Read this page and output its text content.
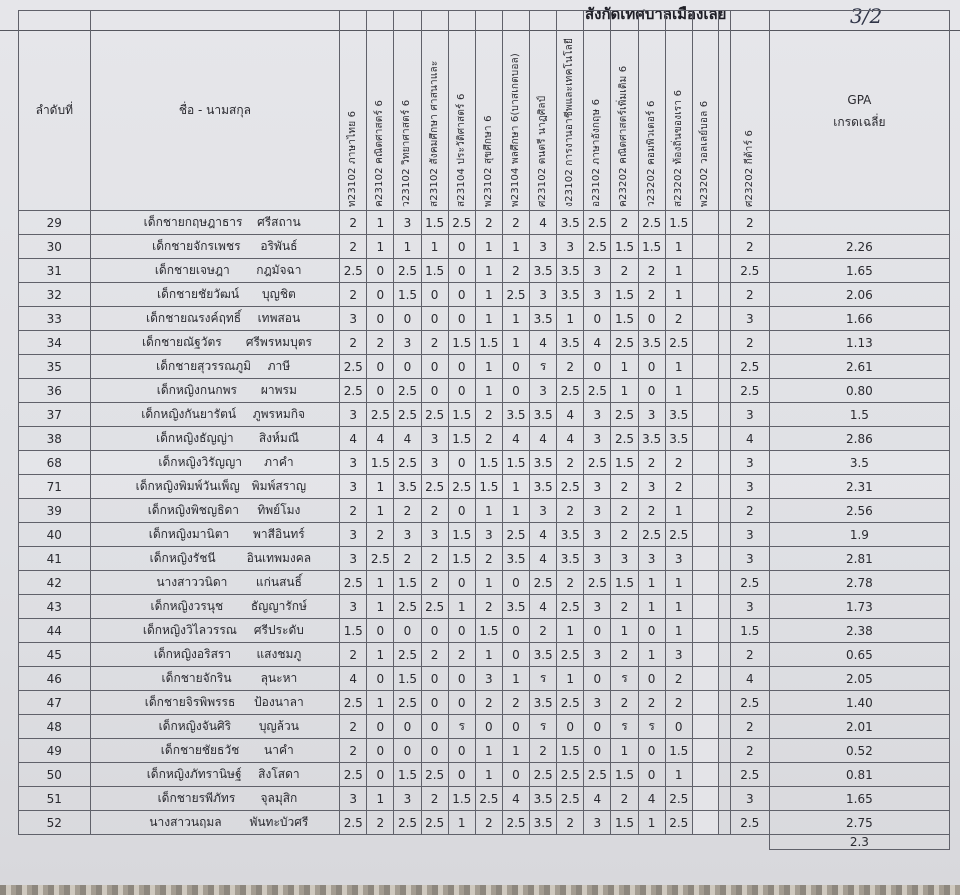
สังกัดเทศบาลเมืองเลย	3/2
ลำดับที่	ชื่อ - นามสกุล	ท23102 ภาษาไทย 6	ค23102 คณิตศาสตร์ 6	ว23102 วิทยาศาสตร์ 6	ส23102 สังคมศึกษา ศาสนาและ	ส23104 ประวัติศาสตร์ 6	พ23102 สุขศึกษา 6	พ23104 พลศึกษา 6(บาสเกตบอล)	ศ23102 ดนตรี นาฏศิลป์	ง23102 การงานอาชีพและเทคโนโลยี	อ23102 ภาษาอังกฤษ 6	ค23202 คณิตศาสตร์เพิ่มเติม 6	ว23202 คอมพิวเตอร์ 6	ส23202 ท้องถิ่นของเรา 6	พ23202 วอลเลย์บอล 6		ศ23202 กีต้าร์ 6	GPA
เกรดเฉลี่ย
29	เด็กชายกฤษฎาธาร ศรีสถาน	2	1	3	1.5	2.5	2	2	4	3.5	2.5	2	2.5	1.5			2	
30	เด็กชายจักรเพชร อริพันธ์	2	1	1	1	0	1	1	3	3	2.5	1.5	1.5	1			2	2.26
31	เด็กชายเจษฎา กฎมัจฉา	2.5	0	2.5	1.5	0	1	2	3.5	3.5	3	2	2	1			2.5	1.65
32	เด็กชายชัยวัฒน์ บุญชิต	2	0	1.5	0	0	1	2.5	3	3.5	3	1.5	2	1			2	2.06
33	เด็กชายณรงค์ฤทธิ์ เทพสอน	3	0	0	0	0	1	1	3.5	1	0	1.5	0	2			3	1.66
34	เด็กชายณัฐวัตร ศรีพรหมบุตร	2	2	3	2	1.5	1.5	1	4	3.5	4	2.5	3.5	2.5			2	1.13
35	เด็กชายสุวรรณภูมิ ภาษี	2.5	0	0	0	0	1	0	ร	2	0	1	0	1			2.5	2.61
36	เด็กหญิงกนกพร ผาพรม	2.5	0	2.5	0	0	1	0	3	2.5	2.5	1	0	1			2.5	0.80
37	เด็กหญิงกันยารัตน์ ภูพรหมกิจ	3	2.5	2.5	2.5	1.5	2	3.5	3.5	4	3	2.5	3	3.5			3	1.5
38	เด็กหญิงธัญญ่า สิงห์มณี	4	4	4	3	1.5	2	4	4	4	3	2.5	3.5	3.5			4	2.86
68	เด็กหญิงวิรัญญา ภาคำ	3	1.5	2.5	3	0	1.5	1.5	3.5	2	2.5	1.5	2	2			3	3.5
71	เด็กหญิงพิมพ์วันเพ็ญ พิมพ์สราญ	3	1	3.5	2.5	2.5	1.5	1	3.5	2.5	3	2	3	2			3	2.31
39	เด็กหญิงพิชญธิดา ทิพย์โมง	2	1	2	2	0	1	1	3	2	3	2	2	1			2	2.56
40	เด็กหญิงมานิตา พาสีอินทร์	3	2	3	3	1.5	3	2.5	4	3.5	3	2	2.5	2.5			3	1.9
41	เด็กหญิงรัชนี อินเทพมงคล	3	2.5	2	2	1.5	2	3.5	4	3.5	3	3	3	3			3	2.81
42	นางสาววนิดา แก่นสนธิ์	2.5	1	1.5	2	0	1	0	2.5	2	2.5	1.5	1	1			2.5	2.78
43	เด็กหญิงวรนุช ธัญญารักษ์	3	1	2.5	2.5	1	2	3.5	4	2.5	3	2	1	1			3	1.73
44	เด็กหญิงวิไลวรรณ ศรีประดับ	1.5	0	0	0	0	1.5	0	2	1	0	1	0	1			1.5	2.38
45	เด็กหญิงอริสรา แสงชมภู	2	1	2.5	2	2	1	0	3.5	2.5	3	2	1	3			2	0.65
46	เด็กชายจักริน ลุนะหา	4	0	1.5	0	0	3	1	ร	1	0	ร	0	2			4	2.05
47	เด็กชายจิรพิพรรธ ป้องนาลา	2.5	1	2.5	0	0	2	2	3.5	2.5	3	2	2	2			2.5	1.40
48	เด็กหญิงจันศิริ บุญล้วน	2	0	0	0	ร	0	0	ร	0	0	ร	ร	0			2	2.01
49	เด็กชายชัยธวัช นาคำ	2	0	0	0	0	1	1	2	1.5	0	1	0	1.5			2	0.52
50	เด็กหญิงภัทรานิษฐ์ สิงโสดา	2.5	0	1.5	2.5	0	1	0	2.5	2.5	2.5	1.5	0	1			2.5	0.81
51	เด็กชายรพีภัทร จุลมุสิก	3	1	3	2	1.5	2.5	4	3.5	2.5	4	2	4	2.5			3	1.65
52	นางสาวนฤมล พันทะบัวศรี	2.5	2	2.5	2.5	1	2	2.5	3.5	2	3	1.5	1	2.5			2.5	2.75
																		2.3
